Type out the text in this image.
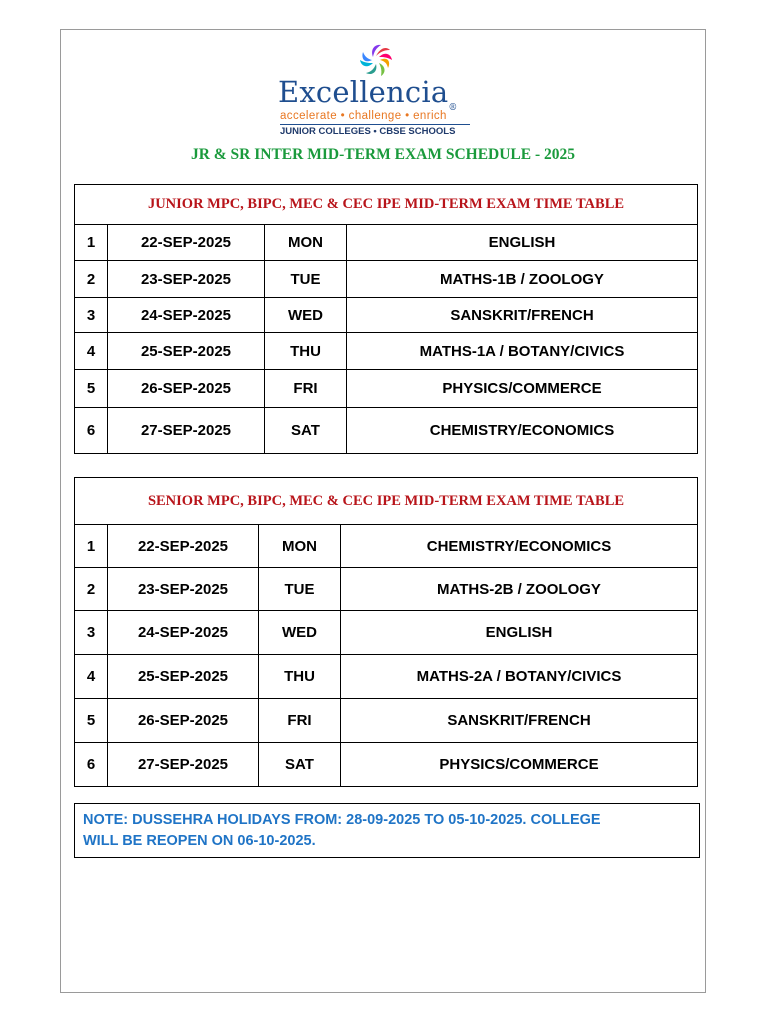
Excellencia®
accelerate • challenge • enrich
JUNIOR COLLEGES • CBSE SCHOOLS
JR & SR INTER MID-TERM EXAM SCHEDULE - 2025
JUNIOR MPC, BIPC, MEC & CEC IPE MID-TERM EXAM TIME TABLE			
1	22-SEP-2025	MON	ENGLISH
2	23-SEP-2025	TUE	MATHS-1B / ZOOLOGY
3	24-SEP-2025	WED	SANSKRIT/FRENCH
4	25-SEP-2025	THU	MATHS-1A / BOTANY/CIVICS
5	26-SEP-2025	FRI	PHYSICS/COMMERCE
6	27-SEP-2025	SAT	CHEMISTRY/ECONOMICS
SENIOR MPC, BIPC, MEC & CEC IPE MID-TERM EXAM TIME TABLE			
1	22-SEP-2025	MON	CHEMISTRY/ECONOMICS
2	23-SEP-2025	TUE	MATHS-2B / ZOOLOGY
3	24-SEP-2025	WED	ENGLISH
4	25-SEP-2025	THU	MATHS-2A / BOTANY/CIVICS
5	26-SEP-2025	FRI	SANSKRIT/FRENCH
6	27-SEP-2025	SAT	PHYSICS/COMMERCE
NOTE: DUSSEHRA HOLIDAYS FROM: 28-09-2025 TO 05-10-2025. COLLEGE
WILL BE REOPEN ON 06-10-2025.
